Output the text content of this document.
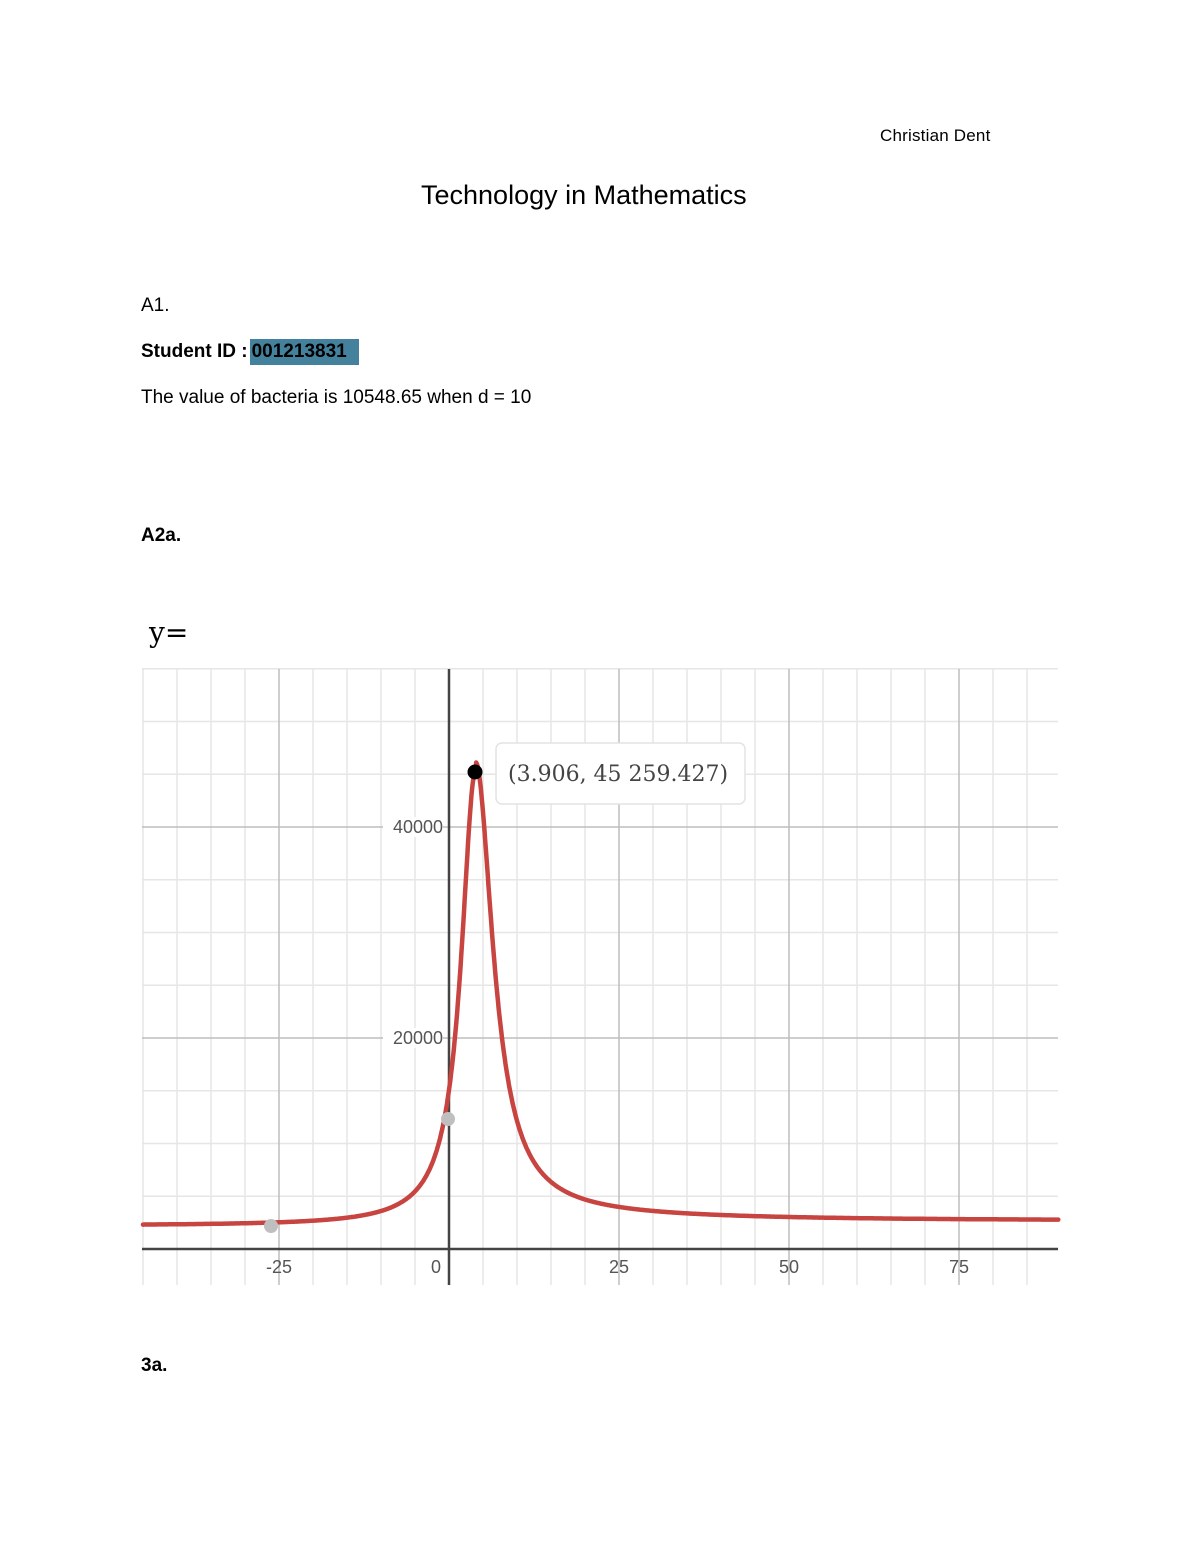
Christian Dent
Technology in Mathematics
A1.
Student ID : 001213831
The value of bacteria is 10548.65 when d = 10
A2a.
y=
-25	0	25	50	75
20000
40000
(3.906, 45 259.427)
3a.
